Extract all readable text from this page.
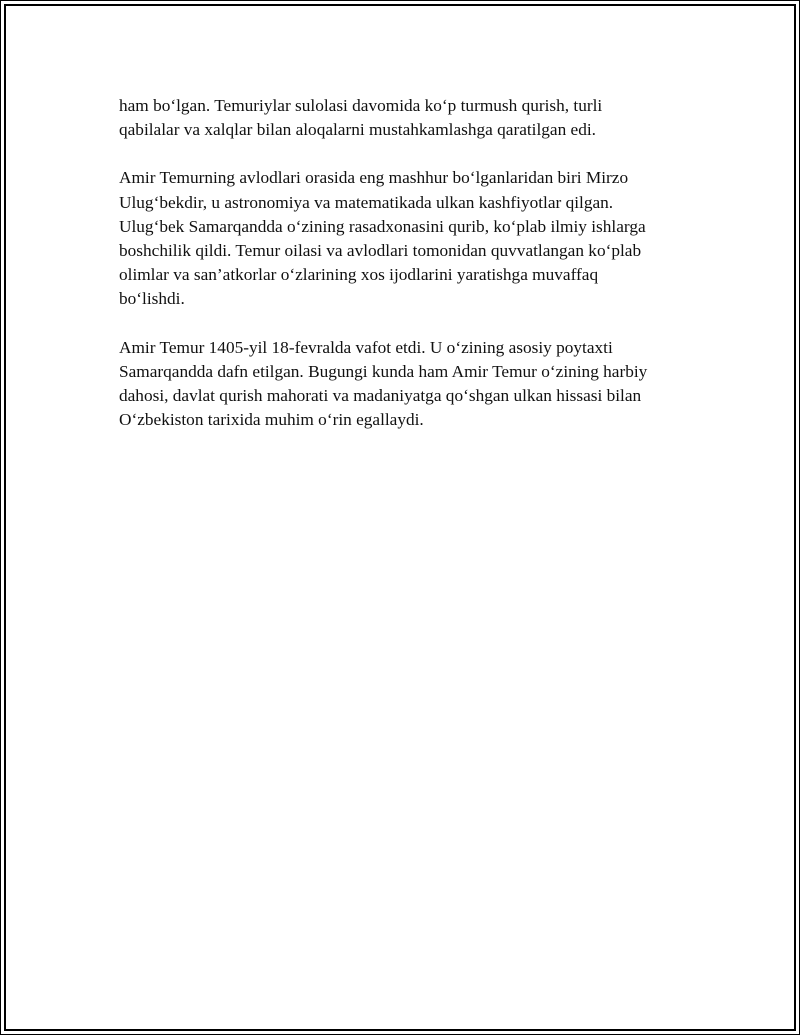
ham bo‘lgan. Temuriylar sulolasi davomida ko‘p turmush qurish, turli
qabilalar va xalqlar bilan aloqalarni mustahkamlashga qaratilgan edi.

Amir Temurning avlodlari orasida eng mashhur bo‘lganlaridan biri Mirzo
Ulug‘bekdir, u astronomiya va matematikada ulkan kashfiyotlar qilgan.
Ulug‘bek Samarqandda o‘zining rasadxonasini qurib, ko‘plab ilmiy ishlarga
boshchilik qildi. Temur oilasi va avlodlari tomonidan quvvatlangan ko‘plab
olimlar va san’atkorlar o‘zlarining xos ijodlarini yaratishga muvaffaq
bo‘lishdi.

Amir Temur 1405-yil 18-fevralda vafot etdi. U o‘zining asosiy poytaxti
Samarqandda dafn etilgan. Bugungi kunda ham Amir Temur o‘zining harbiy
dahosi, davlat qurish mahorati va madaniyatga qo‘shgan ulkan hissasi bilan
O‘zbekiston tarixida muhim o‘rin egallaydi.
